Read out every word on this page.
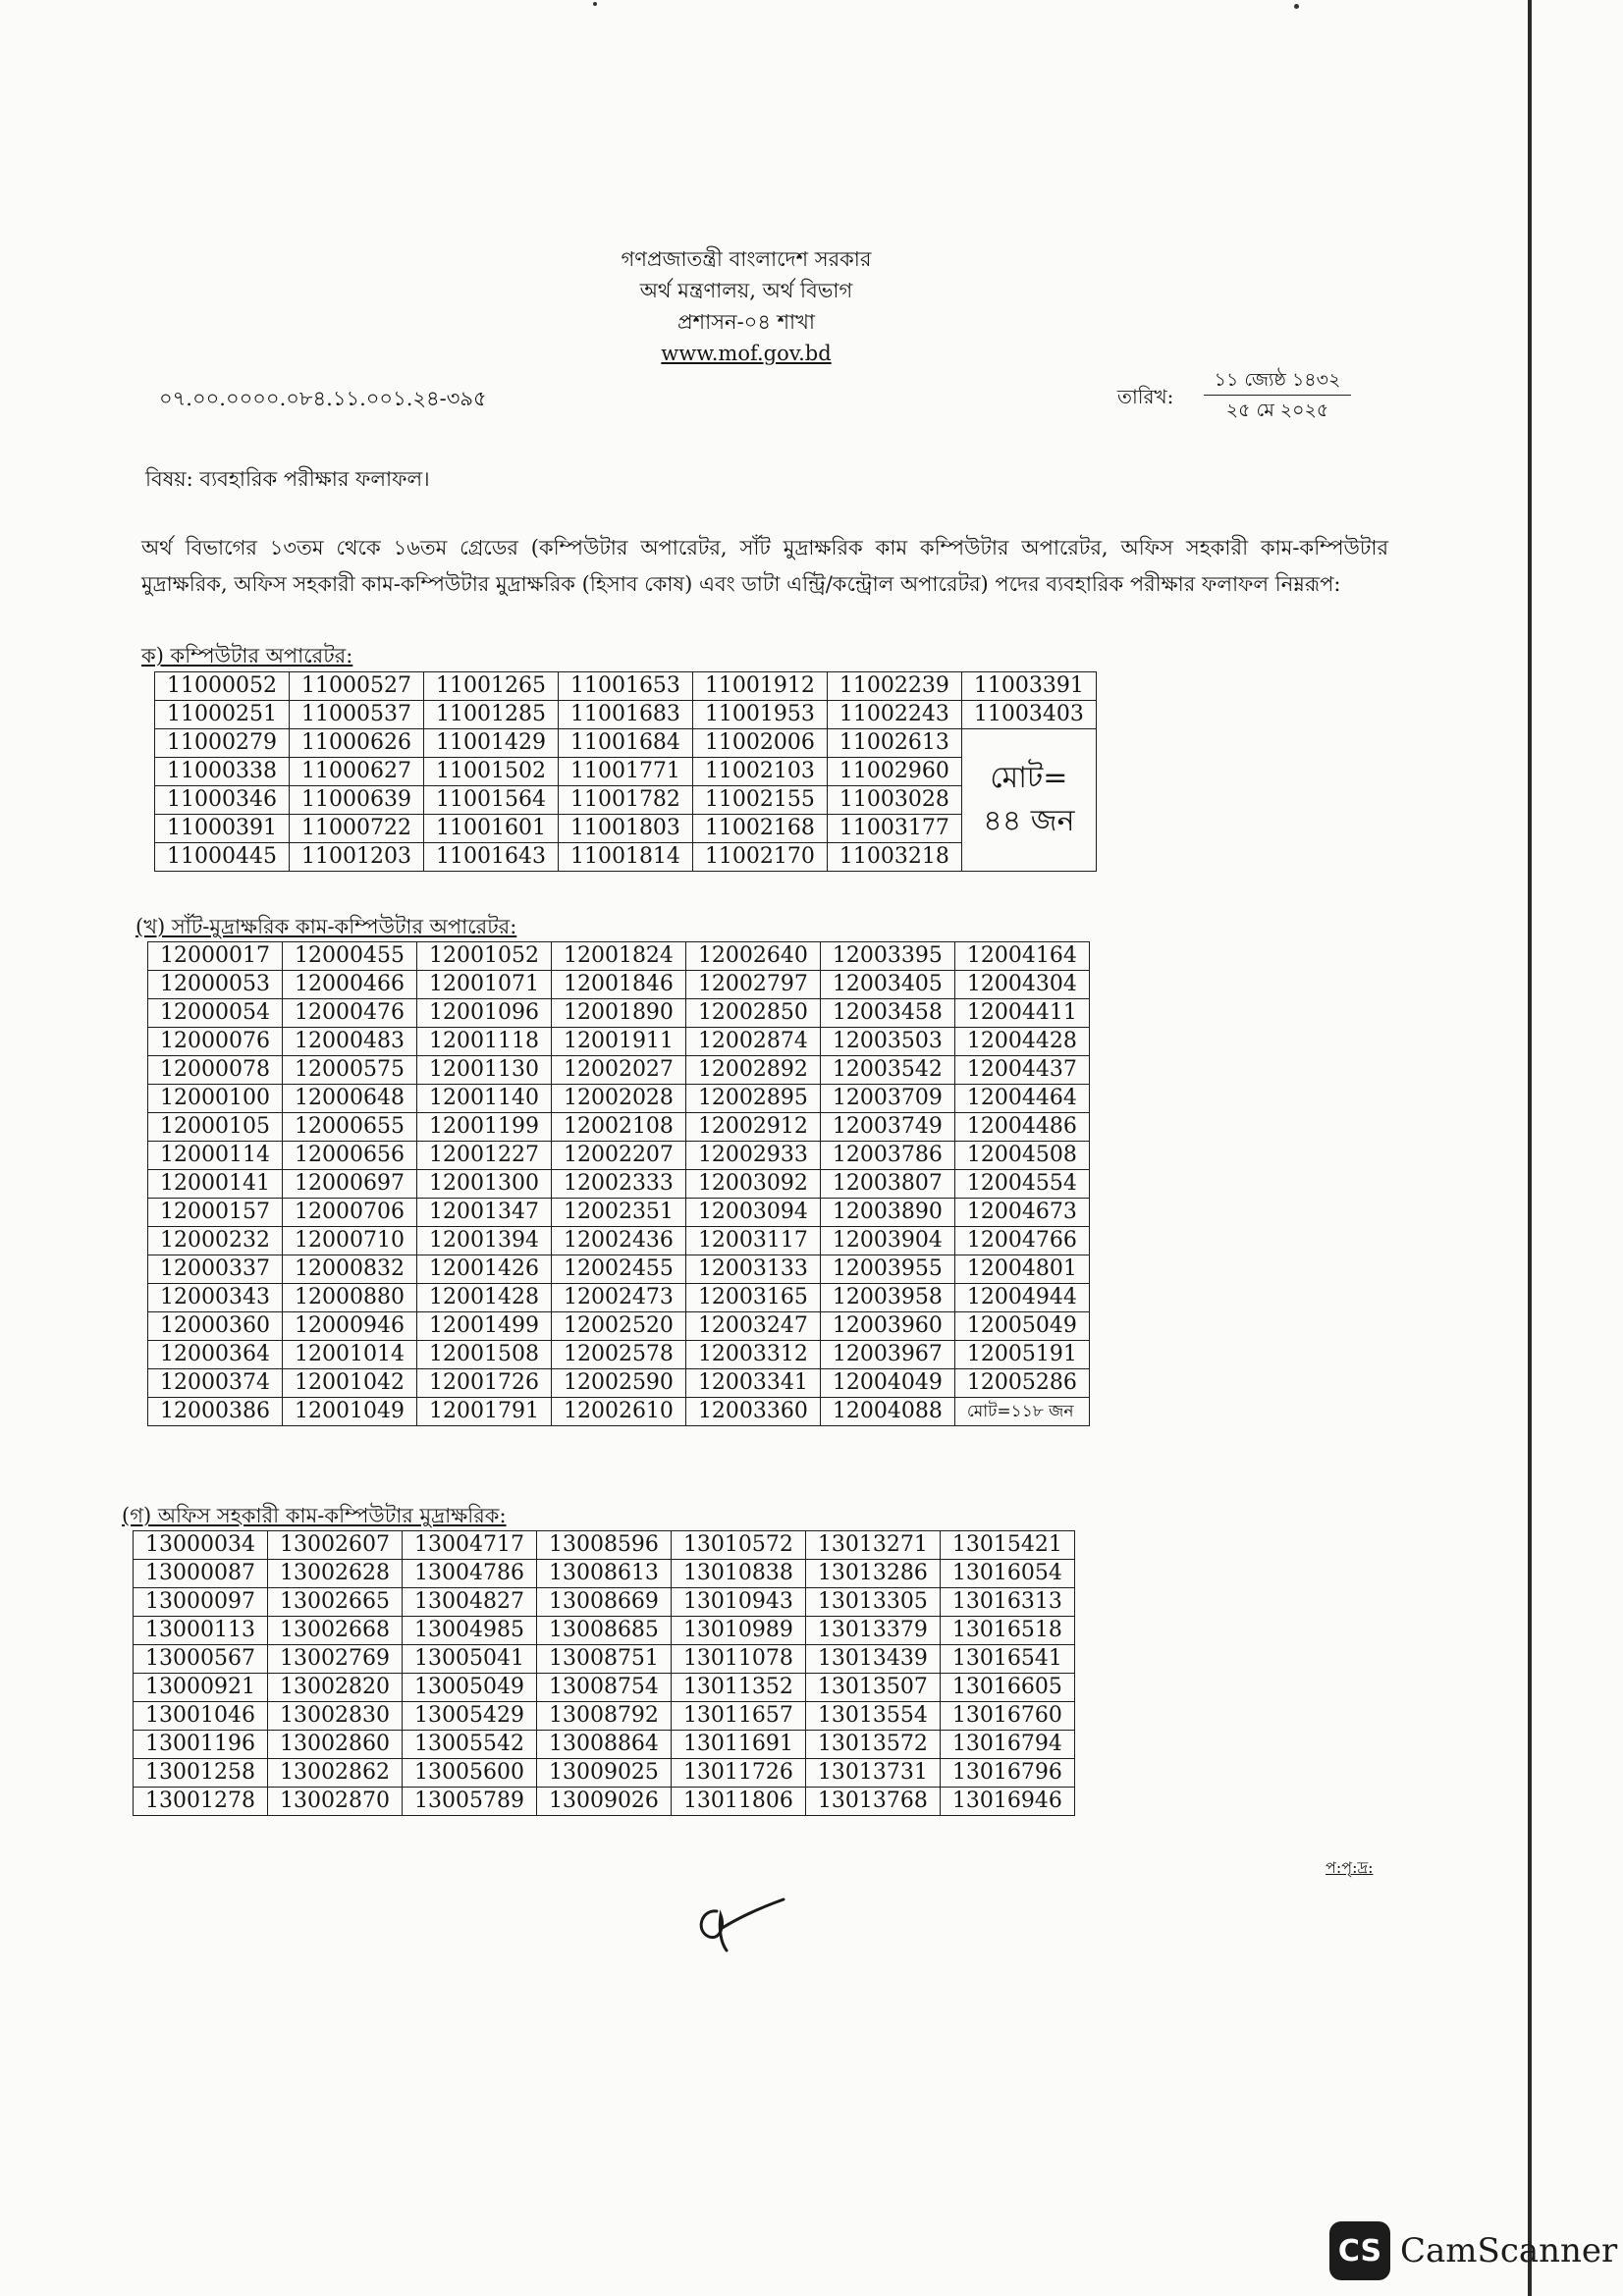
গণপ্রজাতন্ত্রী বাংলাদেশ সরকার
অর্থ মন্ত্রণালয়, অর্থ বিভাগ
প্রশাসন-০৪ শাখা
www.mof.gov.bd
০৭.০০.০০০০.০৮৪.১১.০০১.২৪-৩৯৫	তারিখ:
১১ জ্যেষ্ঠ ১৪৩২
২৫ মে ২০২৫
বিষয়: ব্যবহারিক পরীক্ষার ফলাফল।
অর্থ বিভাগের ১৩তম থেকে ১৬তম গ্রেডের (কম্পিউটার অপারেটর, সাঁট মুদ্রাক্ষরিক কাম কম্পিউটার অপারেটর, অফিস সহকারী কাম-কম্পিউটার মুদ্রাক্ষরিক, অফিস সহকারী কাম-কম্পিউটার মুদ্রাক্ষরিক (হিসাব কোষ) এবং ডাটা এন্ট্রি/কন্ট্রোল অপারেটর) পদের ব্যবহারিক পরীক্ষার ফলাফল নিম্নরূপ:
ক) কম্পিউটার অপারেটর:
11000052	11000527	11001265	11001653	11001912	11002239	11003391
11000251	11000537	11001285	11001683	11001953	11002243	11003403
11000279	11000626	11001429	11001684	11002006	11002613	মোট=
৪৪ জন

11000338	11000627	11001502	11001771	11002103	11002960	
11000346	11000639	11001564	11001782	11002155	11003028	
11000391	11000722	11001601	11001803	11002168	11003177	
11000445	11001203	11001643	11001814	11002170	11003218	
(খ) সাঁট-মুদ্রাক্ষরিক কাম-কম্পিউটার অপারেটর:
12000017	12000455	12001052	12001824	12002640	12003395	12004164
12000053	12000466	12001071	12001846	12002797	12003405	12004304
12000054	12000476	12001096	12001890	12002850	12003458	12004411
12000076	12000483	12001118	12001911	12002874	12003503	12004428
12000078	12000575	12001130	12002027	12002892	12003542	12004437
12000100	12000648	12001140	12002028	12002895	12003709	12004464
12000105	12000655	12001199	12002108	12002912	12003749	12004486
12000114	12000656	12001227	12002207	12002933	12003786	12004508
12000141	12000697	12001300	12002333	12003092	12003807	12004554
12000157	12000706	12001347	12002351	12003094	12003890	12004673
12000232	12000710	12001394	12002436	12003117	12003904	12004766
12000337	12000832	12001426	12002455	12003133	12003955	12004801
12000343	12000880	12001428	12002473	12003165	12003958	12004944
12000360	12000946	12001499	12002520	12003247	12003960	12005049
12000364	12001014	12001508	12002578	12003312	12003967	12005191
12000374	12001042	12001726	12002590	12003341	12004049	12005286
12000386	12001049	12001791	12002610	12003360	12004088	মোট=১১৮ জন
(গ) অফিস সহকারী কাম-কম্পিউটার মুদ্রাক্ষরিক:
13000034	13002607	13004717	13008596	13010572	13013271	13015421
13000087	13002628	13004786	13008613	13010838	13013286	13016054
13000097	13002665	13004827	13008669	13010943	13013305	13016313
13000113	13002668	13004985	13008685	13010989	13013379	13016518
13000567	13002769	13005041	13008751	13011078	13013439	13016541
13000921	13002820	13005049	13008754	13011352	13013507	13016605
13001046	13002830	13005429	13008792	13011657	13013554	13016760
13001196	13002860	13005542	13008864	13011691	13013572	13016794
13001258	13002862	13005600	13009025	13011726	13013731	13016796
13001278	13002870	13005789	13009026	13011806	13013768	13016946
প:পৃ:দ্র:
CS CamScanner
